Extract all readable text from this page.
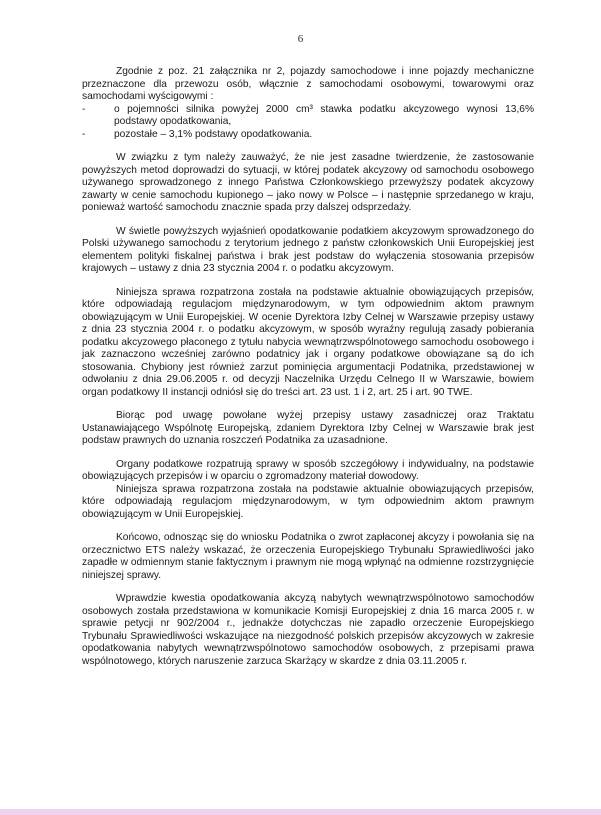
6

Zgodnie z poz. 21 załącznika nr 2, pojazdy samochodowe i inne pojazdy mechaniczne przeznaczone dla przewozu osób, włącznie z samochodami osobowymi, towarowymi oraz samochodami wyścigowymi :

-	o pojemności silnika powyżej 2000 cm³ stawka podatku akcyzowego wynosi 13,6% podstawy opodatkowania,
-	pozostałe – 3,1% podstawy opodatkowania.

W związku z tym należy zauważyć, że nie jest zasadne twierdzenie, że zastosowanie powyższych metod doprowadzi do sytuacji, w której podatek akcyzowy od samochodu osobowego używanego sprowadzonego z innego Państwa Członkowskiego przewyższy podatek akcyzowy zawarty w cenie samochodu kupionego – jako nowy w Polsce – i następnie sprzedanego w kraju, ponieważ wartość samochodu znacznie spada przy dalszej odsprzedaży.

W świetle powyższych wyjaśnień opodatkowanie podatkiem akcyzowym sprowadzonego do Polski używanego samochodu z terytorium jednego z państw członkowskich Unii Europejskiej jest elementem polityki fiskalnej państwa i brak jest podstaw do wyłączenia stosowania przepisów krajowych – ustawy z dnia 23 stycznia 2004 r. o podatku akcyzowym.

Niniejsza sprawa rozpatrzona została na podstawie aktualnie obowiązujących przepisów, które odpowiadają regulacjom międzynarodowym, w tym odpowiednim aktom prawnym obowiązującym w Unii Europejskiej. W ocenie Dyrektora Izby Celnej w Warszawie przepisy ustawy z dnia 23 stycznia 2004 r. o podatku akcyzowym, w sposób wyraźny regulują zasady pobierania podatku akcyzowego płaconego z tytułu nabycia wewnątrzwspólnotowego samochodu osobowego i jak zaznaczono wcześniej zarówno podatnicy jak i organy podatkowe obowiązane są do ich stosowania. Chybiony jest również zarzut pominięcia argumentacji Podatnika, przedstawionej w odwołaniu z dnia 29.06.2005 r. od decyzji Naczelnika Urzędu Celnego II w Warszawie, bowiem organ podatkowy II instancji odniósł się do treści art. 23 ust. 1 i 2, art. 25 i art. 90 TWE.

Biorąc pod uwagę powołane wyżej przepisy ustawy zasadniczej oraz Traktatu Ustanawiającego Wspólnotę Europejską, zdaniem Dyrektora Izby Celnej w Warszawie brak jest podstaw prawnych do uznania roszczeń Podatnika za uzasadnione.

Organy podatkowe rozpatrują sprawy w sposób szczegółowy i indywidualny, na podstawie obowiązujących przepisów i w oparciu o zgromadzony materiał dowodowy.

Niniejsza sprawa rozpatrzona została na podstawie aktualnie obowiązujących przepisów, które odpowiadają regulacjom międzynarodowym, w tym odpowiednim aktom prawnym obowiązującym w Unii Europejskiej.

Końcowo, odnosząc się do wniosku Podatnika o zwrot zapłaconej akcyzy i powołania się na orzecznictwo ETS należy wskazać, że orzeczenia Europejskiego Trybunału Sprawiedliwości jako zapadłe w odmiennym stanie faktycznym i prawnym nie mogą wpłynąć na odmienne rozstrzygnięcie niniejszej sprawy.

Wprawdzie kwestia opodatkowania akcyzą nabytych wewnątrzwspólnotowo samochodów osobowych została przedstawiona w komunikacie Komisji Europejskiej z dnia 16 marca 2005 r. w sprawie petycji nr 902/2004 r., jednakże dotychczas nie zapadło orzeczenie Europejskiego Trybunału Sprawiedliwości wskazujące na niezgodność polskich przepisów akcyzowych w zakresie opodatkowania nabytych wewnątrzwspólnotowo samochodów osobowych, z przepisami prawa wspólnotowego, których naruszenie zarzuca Skarżący w skardze z dnia 03.11.2005 r.
